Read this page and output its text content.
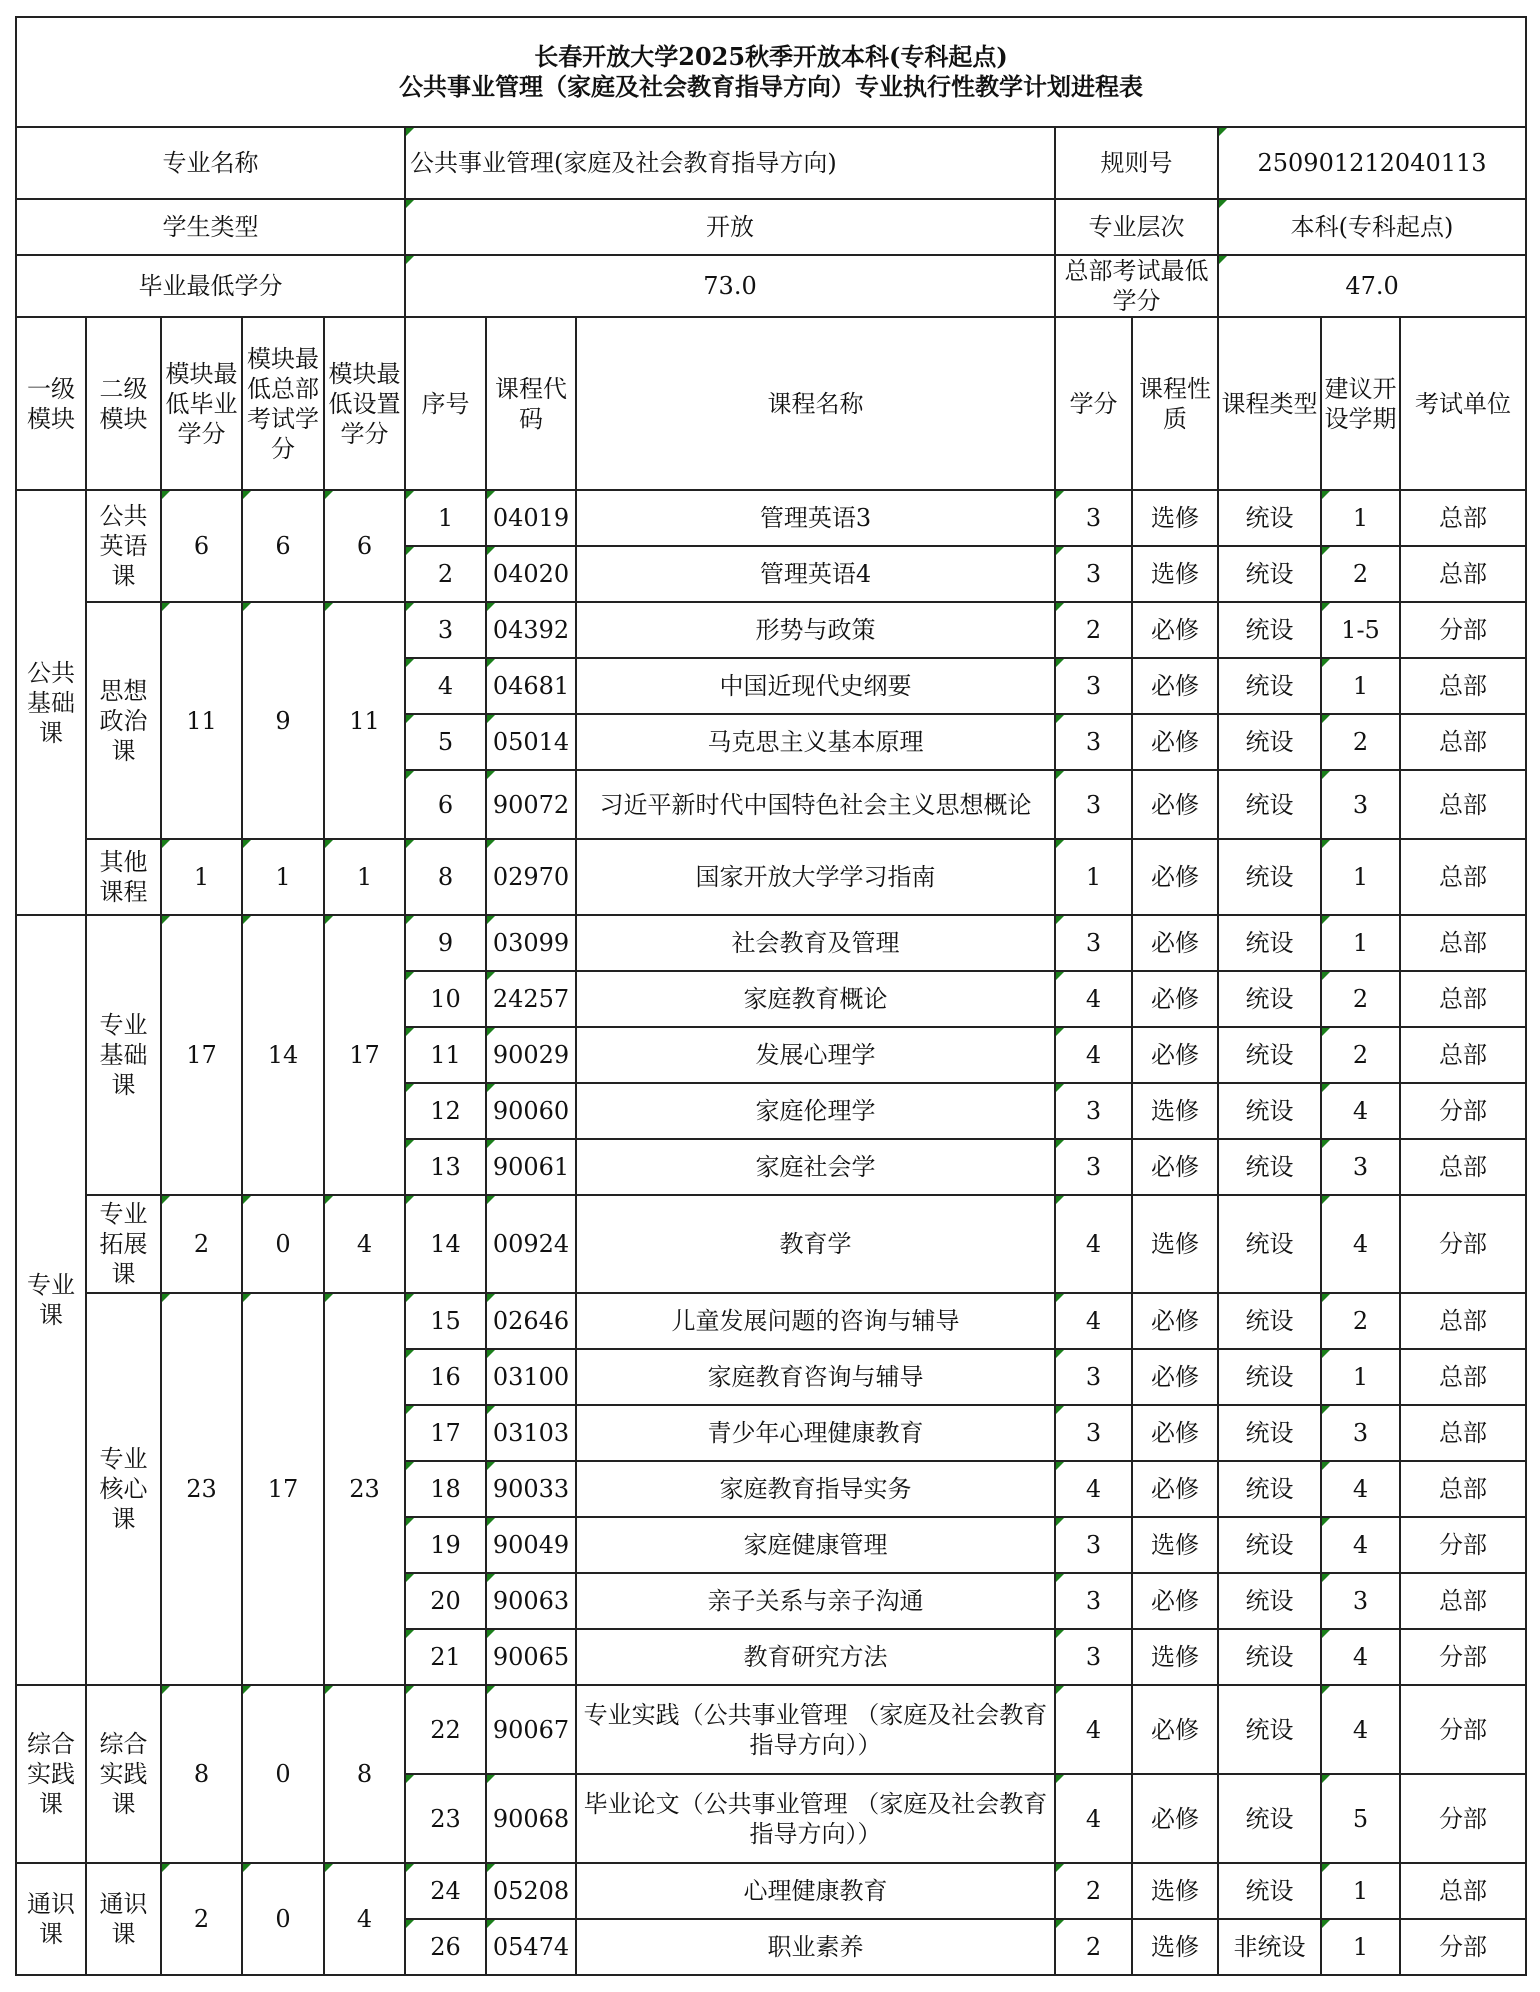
长春开放大学2025秋季开放本科(专科起点)
公共事业管理（家庭及社会教育指导方向）专业执行性教学计划进程表												

专业名称					公共事业管理(家庭及社会教育指导方向)			规则号		250901212040113		
学生类型					开放			专业层次		本科(专科起点)		
毕业最低学分					73.0			总部考试最低学分		47.0		
一级模块	二级模块	模块最低毕业学分	模块最低总部考试学分	模块最低设置学分	序号	课程代码	课程名称	学分	课程性质	课程类型	建议开设学期	考试单位
公共基础课	公共英语课	6	6	6	1	04019	管理英语3	3	选修	统设	1	总部
					2	04020	管理英语4	3	选修	统设	2	总部
	思想政治课	11	9	11	3	04392	形势与政策	2	必修	统设	1-5	分部
					4	04681	中国近现代史纲要	3	必修	统设	1	总部
					5	05014	马克思主义基本原理	3	必修	统设	2	总部
					6	90072	习近平新时代中国特色社会主义思想概论	3	必修	统设	3	总部
	其他课程	1	1	1	8	02970	国家开放大学学习指南	1	必修	统设	1	总部
专业课	专业基础课	17	14	17	9	03099	社会教育及管理	3	必修	统设	1	总部
					10	24257	家庭教育概论	4	必修	统设	2	总部
					11	90029	发展心理学	4	必修	统设	2	总部
					12	90060	家庭伦理学	3	选修	统设	4	分部
					13	90061	家庭社会学	3	必修	统设	3	总部
	专业拓展课	2	0	4	14	00924	教育学	4	选修	统设	4	分部
	专业核心课	23	17	23	15	02646	儿童发展问题的咨询与辅导	4	必修	统设	2	总部
					16	03100	家庭教育咨询与辅导	3	必修	统设	1	总部
					17	03103	青少年心理健康教育	3	必修	统设	3	总部
					18	90033	家庭教育指导实务	4	必修	统设	4	总部
					19	90049	家庭健康管理	3	选修	统设	4	分部
					20	90063	亲子关系与亲子沟通	3	必修	统设	3	总部
					21	90065	教育研究方法	3	选修	统设	4	分部
综合实践课	综合实践课	8	0	8	22	90067	专业实践（公共事业管理 （家庭及社会教育指导方向））	4	必修	统设	4	分部
					23	90068	毕业论文（公共事业管理 （家庭及社会教育指导方向））	4	必修	统设	5	分部
通识课	通识课	2	0	4	24	05208	心理健康教育	2	选修	统设	1	总部
					26	05474	职业素养	2	选修	非统设	1	分部
